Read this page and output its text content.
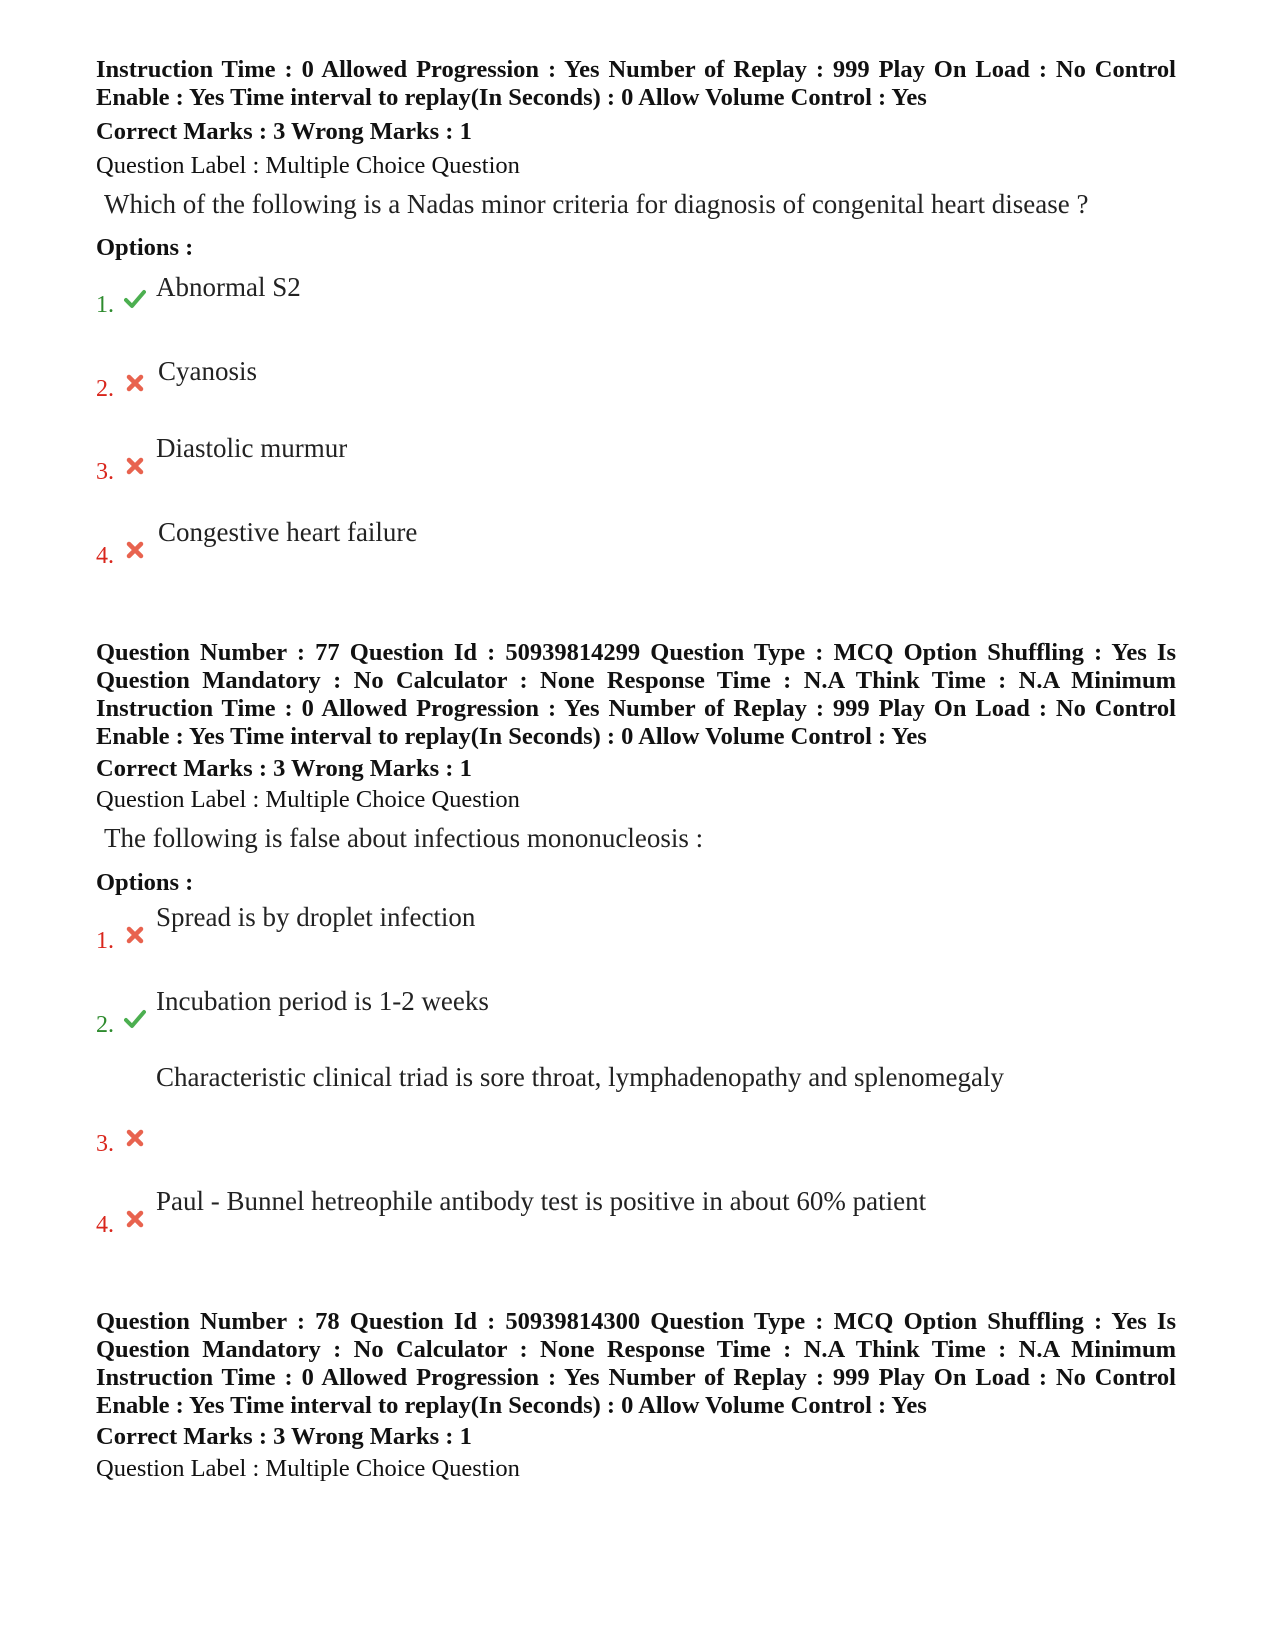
Instruction Time : 0 Allowed Progression : Yes Number of Replay : 999 Play On Load : No Control Enable : Yes Time interval to replay(In Seconds) : 0 Allow Volume Control : Yes
Correct Marks : 3 Wrong Marks : 1
Question Label : Multiple Choice Question
Which of the following is a Nadas minor criteria for diagnosis of congenital heart disease ?
Options :
1.
Abnormal S2
2.
Cyanosis
3.
Diastolic murmur
4.
Congestive heart failure
Question Number : 77 Question Id : 50939814299 Question Type : MCQ Option Shuffling : Yes Is Question Mandatory : No Calculator : None Response Time : N.A Think Time : N.A Minimum Instruction Time : 0 Allowed Progression : Yes Number of Replay : 999 Play On Load : No Control Enable : Yes Time interval to replay(In Seconds) : 0 Allow Volume Control : Yes
Correct Marks : 3 Wrong Marks : 1
Question Label : Multiple Choice Question
The following is false about infectious mononucleosis :
Options :
1.
Spread is by droplet infection
2.
Incubation period is 1-2 weeks
3.
Characteristic clinical triad is sore throat, lymphadenopathy and splenomegaly
4.
Paul - Bunnel hetreophile antibody test is positive in about 60% patient
Question Number : 78 Question Id : 50939814300 Question Type : MCQ Option Shuffling : Yes Is Question Mandatory : No Calculator : None Response Time : N.A Think Time : N.A Minimum Instruction Time : 0 Allowed Progression : Yes Number of Replay : 999 Play On Load : No Control Enable : Yes Time interval to replay(In Seconds) : 0 Allow Volume Control : Yes
Correct Marks : 3 Wrong Marks : 1
Question Label : Multiple Choice Question
